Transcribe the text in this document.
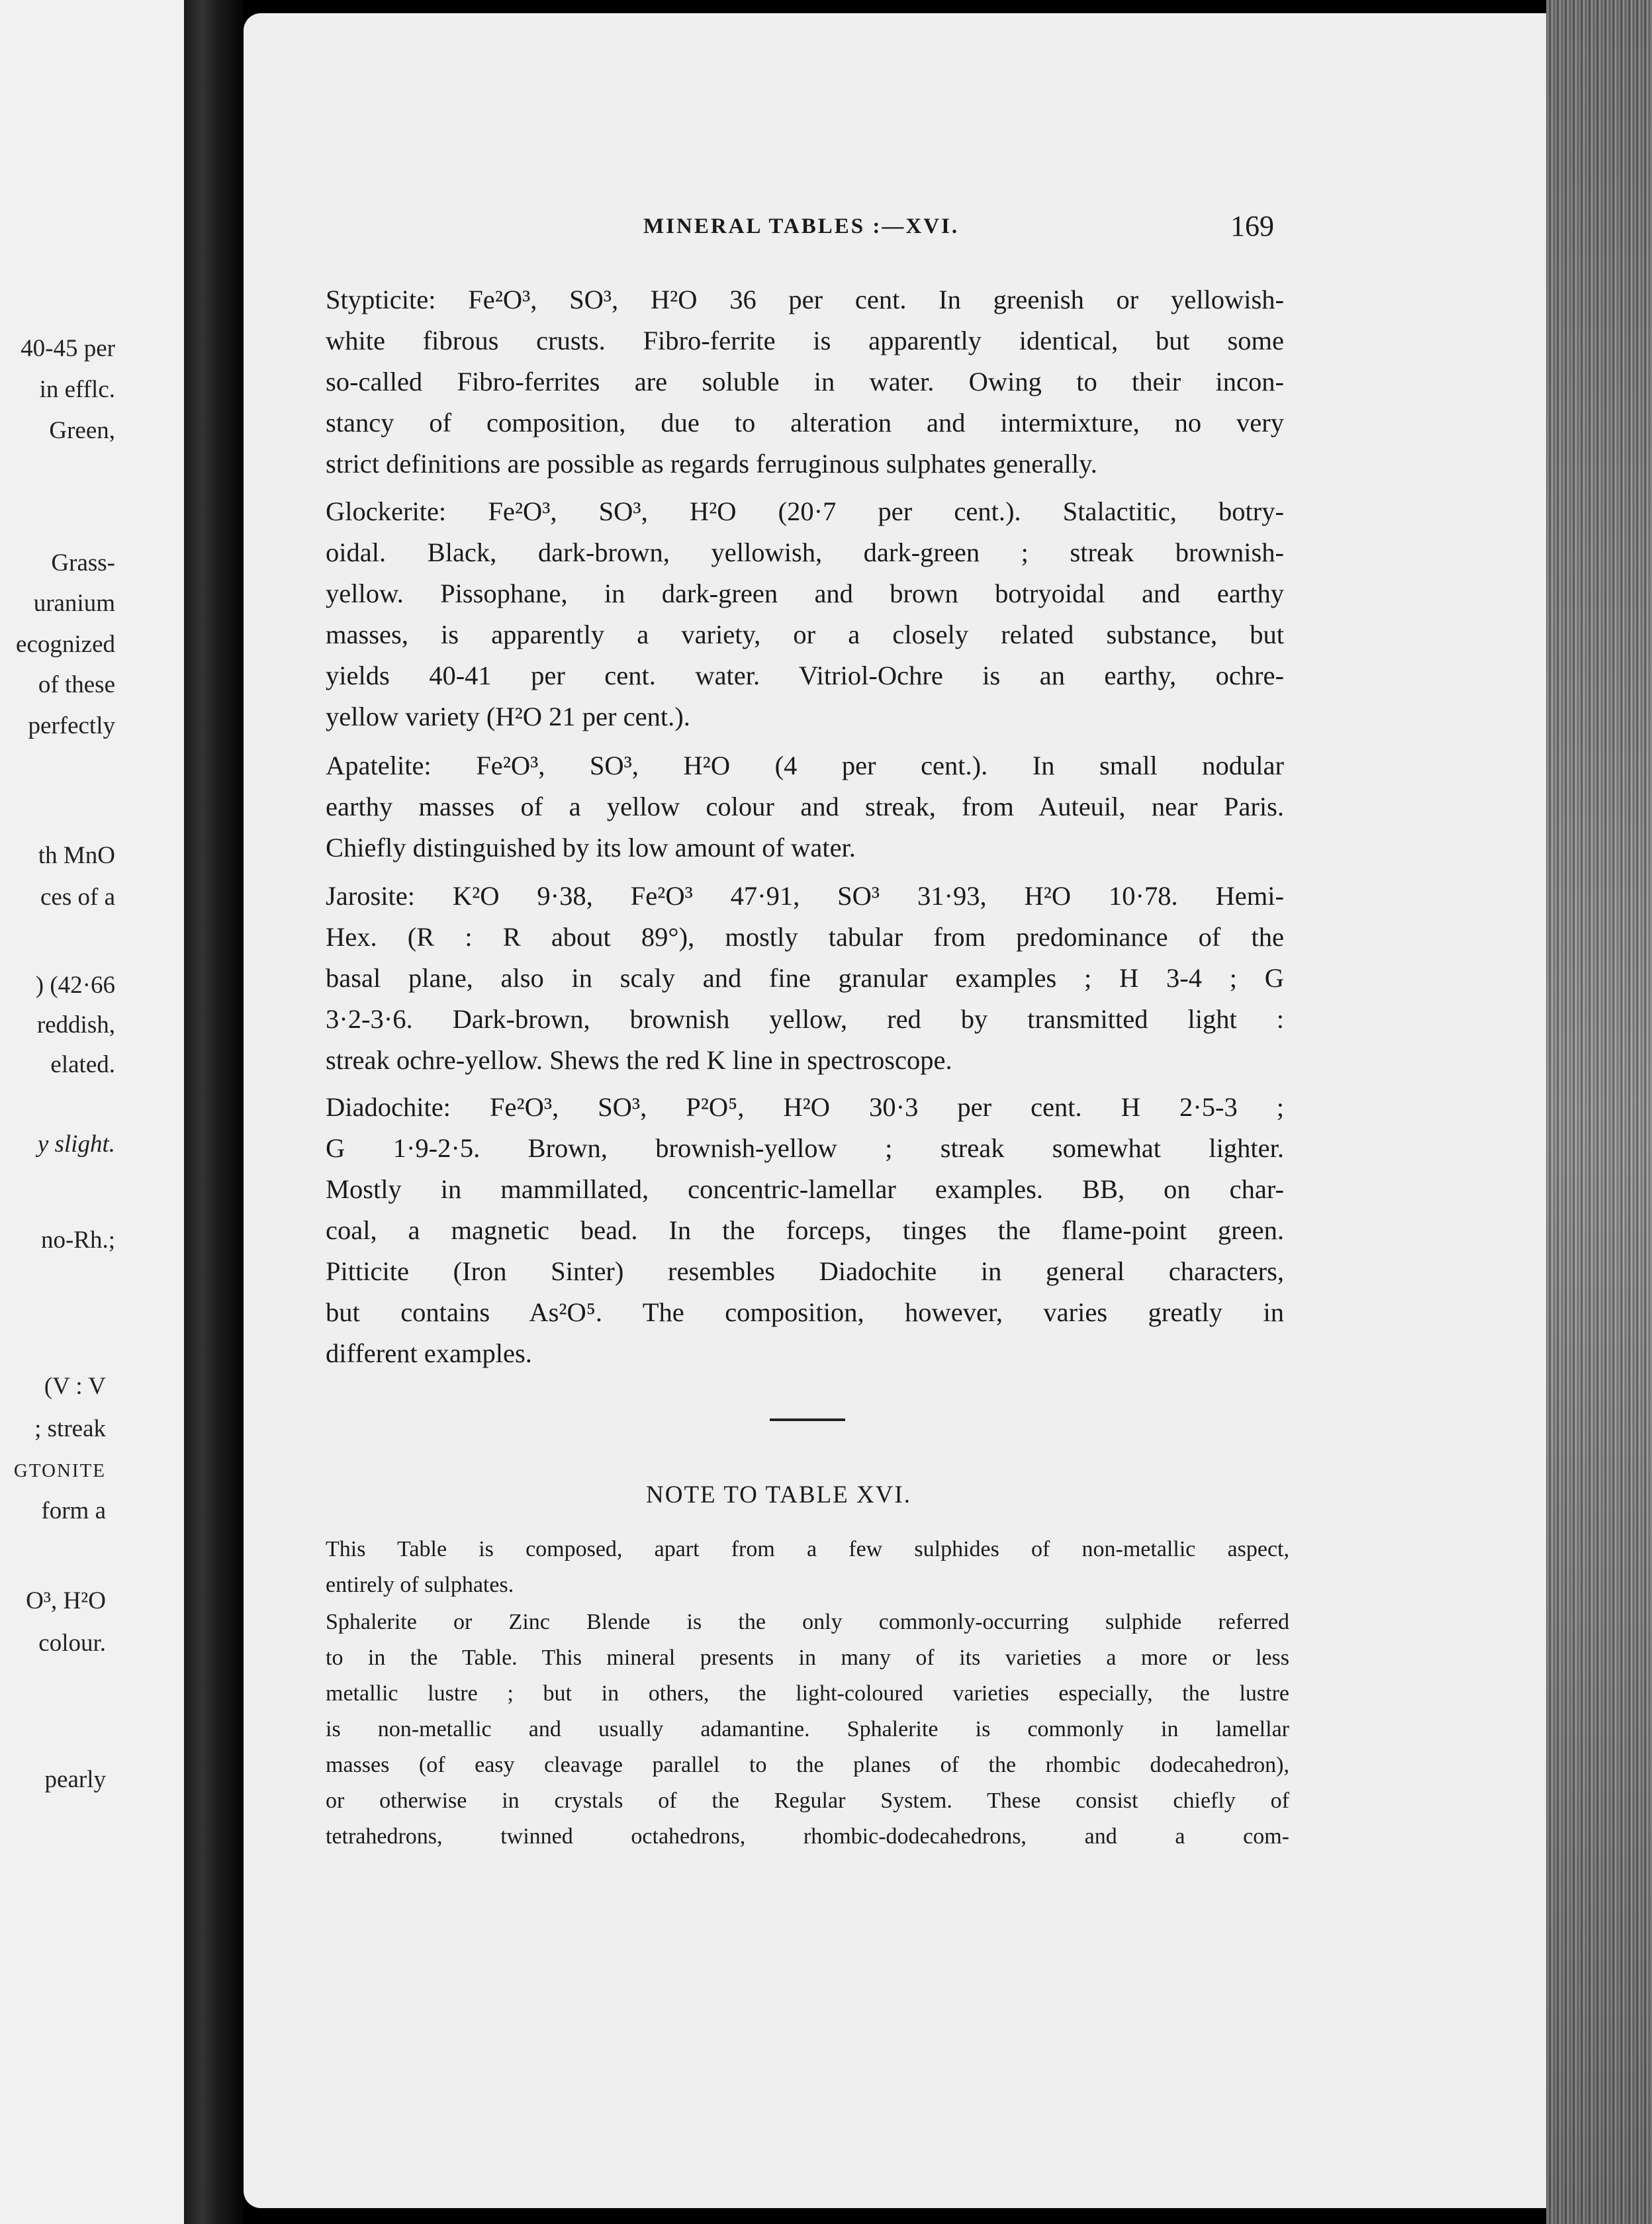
40-45 per
in efflc.
Green,
Grass-
uranium
ecognized
of these
perfectly
th MnO
ces of a
) (42·66
reddish,
elated.
y slight.
no-Rh.;
(V : V
; streak
GTONITE
form a
O³, H²O
colour.
pearly
MINERAL TABLES :—XVI.	169
Stypticite: Fe²O³, SO³, H²O 36 per cent. In greenish or yellowish-
white fibrous crusts. Fibro-ferrite is apparently identical, but some
so-called Fibro-ferrites are soluble in water. Owing to their incon-
stancy of composition, due to alteration and intermixture, no very
strict definitions are possible as regards ferruginous sulphates generally.
Glockerite: Fe²O³, SO³, H²O (20·7 per cent.). Stalactitic, botry-
oidal. Black, dark-brown, yellowish, dark-green ; streak brownish-
yellow. Pissophane, in dark-green and brown botryoidal and earthy
masses, is apparently a variety, or a closely related substance, but
yields 40-41 per cent. water. Vitriol-Ochre is an earthy, ochre-
yellow variety (H²O 21 per cent.).
Apatelite: Fe²O³, SO³, H²O (4 per cent.). In small nodular
earthy masses of a yellow colour and streak, from Auteuil, near Paris.
Chiefly distinguished by its low amount of water.
Jarosite: K²O 9·38, Fe²O³ 47·91, SO³ 31·93, H²O 10·78. Hemi-
Hex. (R : R about 89°), mostly tabular from predominance of the
basal plane, also in scaly and fine granular examples ; H 3-4 ; G
3·2-3·6. Dark-brown, brownish yellow, red by transmitted light :
streak ochre-yellow. Shews the red K line in spectroscope.
Diadochite: Fe²O³, SO³, P²O⁵, H²O 30·3 per cent. H 2·5-3 ;
G 1·9-2·5. Brown, brownish-yellow ; streak somewhat lighter.
Mostly in mammillated, concentric-lamellar examples. BB, on char-
coal, a magnetic bead. In the forceps, tinges the flame-point green.
Pitticite (Iron Sinter) resembles Diadochite in general characters,
but contains As²O⁵. The composition, however, varies greatly in
different examples.
NOTE TO TABLE XVI.
This Table is composed, apart from a few sulphides of non-metallic aspect,
entirely of sulphates.
Sphalerite or Zinc Blende is the only commonly-occurring sulphide referred
to in the Table. This mineral presents in many of its varieties a more or less
metallic lustre ; but in others, the light-coloured varieties especially, the lustre
is non-metallic and usually adamantine. Sphalerite is commonly in lamellar
masses (of easy cleavage parallel to the planes of the rhombic dodecahedron),
or otherwise in crystals of the Regular System. These consist chiefly of
tetrahedrons, twinned octahedrons, rhombic-dodecahedrons, and a com-
